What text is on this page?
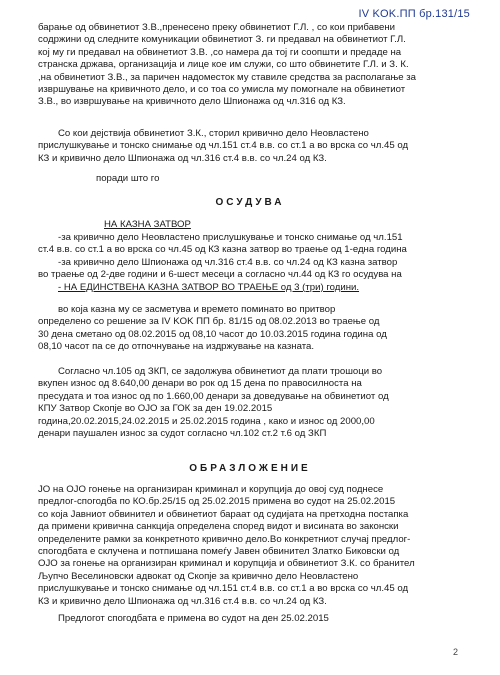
IV KOK.ПП бр.131/15
барање од обвинетиот З.В.,пренесено преку обвинетиот Г.Л. , со кои прибавени
содржини од следните комуникации обвинетиот З. ги предавал на обвинетиот Г.Л.
кој му ги предавал на обвинетиот З.В. ,со намера да тој ги соопшти и предаде на
странска држава, организација и лице кое им служи, со што обвинетите Г.Л. и З. К.
,на обвинетиот З.В., за паричен надоместок му ставиле средства за располагање за
извршување на кривичното дело, и со тоа со умисла му помогнале на обвинетиот
З.В., во извршување на кривичното дело Шпионажа од чл.316 од КЗ.
Со кои дејствија обвинетиот З.К., сторил кривично дело Неовластено
прислушкување и тонско снимање од чл.151 ст.4 в.в. со ст.1 а во врска со чл.45 од
КЗ и кривично дело Шпионажа од чл.316 ст.4 в.в. со чл.24 од КЗ.
поради што го
ОСУДУВА
НА КАЗНА ЗАТВОР
-за кривично дело Неовластено прислушкување и тонско снимање од чл.151
ст.4 в.в. со ст.1 а во врска со чл.45 од КЗ казна затвор во траење од 1-една година
-за кривично дело Шпионажа од чл.316 ст.4 в.в. со чл.24 од КЗ казна затвор
во траење од 2-две години и 6-шест месеци а согласно чл.44 од КЗ го осудува на
- НА ЕДИНСТВЕНА КАЗНА ЗАТВОР ВО ТРАЕЊЕ од 3 (три) години.
во која казна му се засметува и времето поминато во притвор
определено со решение за IV KOK ПП бр. 81/15 од 08.02.2013 во траење од
30 дена сметано од 08.02.2015 од 08,10 часот до 10.03.2015 година година од
08,10 часот па се до отпочнување на издржување на казната.
Согласно чл.105 од ЗКП, се задолжува обвинетиот да плати трошоци во
вкупен износ од 8.640,00 денари во рок од 15 дена по правосилноста на
пресудата и тоа износ од по 1.660,00 денари за доведување на обвинетиот од
КПУ Затвор Скопје во ОЈО за ГОК за ден 19.02.2015
година,20.02.2015,24.02.2015 и 25.02.2015 година , како и износ од 2000,00
денари паушален износ за судот согласно чл.102 ст.2 т.6 од ЗКП
ОБРАЗЛОЖЕНИЕ
ЈО на ОЈО гонење на организиран криминал и корупција до овој суд поднесе
предлог-спогодба по КО.бр.25/15 од 25.02.2015 примена во судот на 25.02.2015
со која Јавниот обвинител и обвинетиот бараат од судијата на претходна постапка
да примени кривична санкција определена според видот и висината во законски
определените рамки за конкретното кривично дело.Во конкретниот случај предлог-
спогодбата е склучена и потпишана помеѓу Јавен обвинител Златко Бикoвски од
ОЈО за гонење на организиран криминал и корупција и обвинетиот З.К. со бранител
Љупчо Веселиновски адвокат од Скопје за кривично дело Неовластено
прислушкување и тонско снимање од чл.151 ст.4 в.в. со ст.1 а во врска со чл.45 од
КЗ и кривично дело Шпионажа од чл.316 ст.4 в.в. со чл.24 од КЗ.
Предлогот спогодбата е примена во судот на ден 25.02.2015
2
